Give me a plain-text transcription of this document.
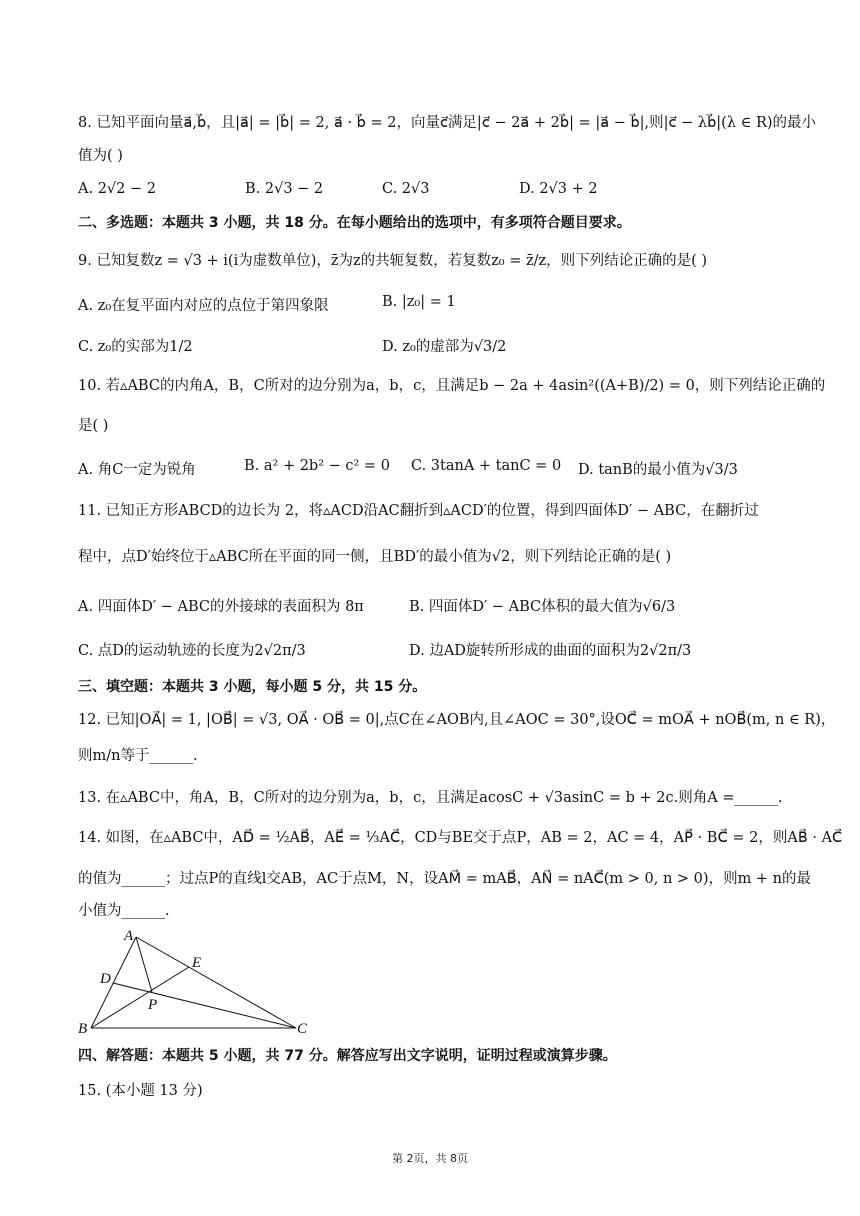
8. 已知平面向量a⃗,b⃗，且|a⃗| = |b⃗| = 2, a⃗ · b⃗ = 2，向量c⃗满足|c⃗ − 2a⃗ + 2b⃗| = |a⃗ − b⃗|,则|c⃗ − λb⃗|(λ ∈ R)的最小
值为( )
A. 2√2 − 2	B. 2√3 − 2	C. 2√3	D. 2√3 + 2
二、多选题：本题共 3 小题，共 18 分。在每小题给出的选项中，有多项符合题目要求。
9. 已知复数z = √3 + i(i为虚数单位)，z̄为z的共轭复数，若复数z₀ = z̄/z，则下列结论正确的是( )
A. z₀在复平面内对应的点位于第四象限	B. |z₀| = 1
C. z₀的实部为1/2	D. z₀的虚部为√3/2
10. 若▵ABC的内角A，B，C所对的边分别为a，b，c，且满足b − 2a + 4asin²((A+B)/2) = 0，则下列结论正确的
是( )
A. 角C一定为锐角	B. a² + 2b² − c² = 0 C. 3tanA + tanC = 0 D. tanB的最小值为√3/3
11. 已知正方形ABCD的边长为 2，将▵ACD沿AC翻折到▵ACD′的位置，得到四面体D′ − ABC，在翻折过
程中，点D′始终位于▵ABC所在平面的同一侧，且BD′的最小值为√2，则下列结论正确的是( )
A. 四面体D′ − ABC的外接球的表面积为 8π	B. 四面体D′ − ABC体积的最大值为√6/3
C. 点D的运动轨迹的长度为2√2π/3	D. 边AD旋转所形成的曲面的面积为2√2π/3
三、填空题：本题共 3 小题，每小题 5 分，共 15 分。
12. 已知|OA⃗| = 1, |OB⃗| = √3, OA⃗ · OB⃗ = 0|,点C在∠AOB内,且∠AOC = 30°,设OC⃗ = mOA⃗ + nOB⃗(m, n ∈ R)，
则m/n等于______.
13. 在▵ABC中，角A，B，C所对的边分别为a，b，c，且满足acosC + √3asinC = b + 2c.则角A =______.
14. 如图，在▵ABC中，AD⃗ = ½AB⃗，AE⃗ = ⅓AC⃗，CD与BE交于点P，AB = 2，AC = 4，AP⃗ · BC⃗ = 2，则AB⃗ · AC⃗
的值为______；过点P的直线l交AB，AC于点M，N，设AM⃗ = mAB⃗，AN⃗ = nAC⃗(m > 0, n > 0)，则m + n的最
小值为______.
A
D
E
P
B	C
四、解答题：本题共 5 小题，共 77 分。解答应写出文字说明，证明过程或演算步骤。
15. (本小题 13 分)
第 2页，共 8页
